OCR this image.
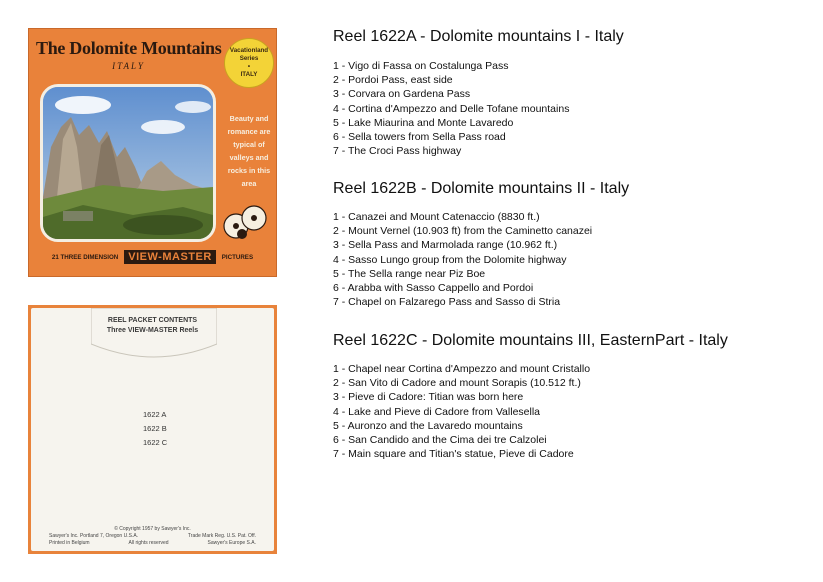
The Dolomite Mountains
ITALY
Vacationland
Series
•
ITALY
Beauty and romance are typical of valleys and rocks in this area
21 THREE DIMENSION VIEW-MASTER	PICTURES
REEL PACKET CONTENTS
Three VIEW-MASTER Reels
1622 A
1622 B
1622 C
© Copyright 1957 by Sawyer's Inc.
Sawyer's Inc. Portland 7, Oregon U.S.A.	Trade Mark Reg. U.S. Pat. Off.
Printed in Belgium	All rights reserved	Sawyer's Europe S.A.
Reel 1622A - Dolomite mountains I - Italy
1 - Vigo di Fassa on Costalunga Pass
2 - Pordoi Pass, east side
3 - Corvara on Gardena Pass
4 - Cortina d'Ampezzo and Delle Tofane mountains
5 - Lake Miaurina and Monte Lavaredo
6 - Sella towers from Sella Pass road
7 - The Croci Pass highway
Reel 1622B - Dolomite mountains II - Italy
1 - Canazei and Mount Catenaccio (8830 ft.)
2 - Mount Vernel (10.903 ft) from the Caminetto canazei
3 - Sella Pass and Marmolada range (10.962 ft.)
4 - Sasso Lungo group from the Dolomite highway
5 - The Sella range near Piz Boe
6 - Arabba with Sasso Cappello and Pordoi
7 - Chapel on Falzarego Pass and Sasso di Stria
Reel 1622C - Dolomite mountains III, EasternPart - Italy
1 - Chapel near Cortina d'Ampezzo and mount Cristallo
2 - San Vito di Cadore and mount Sorapis (10.512 ft.)
3 - Pieve di Cadore: Titian was born here
4 - Lake and Pieve di Cadore from Vallesella
5 - Auronzo and the Lavaredo mountains
6 - San Candido and the Cima dei tre Calzolei
7 - Main square and Titian's statue, Pieve di Cadore
